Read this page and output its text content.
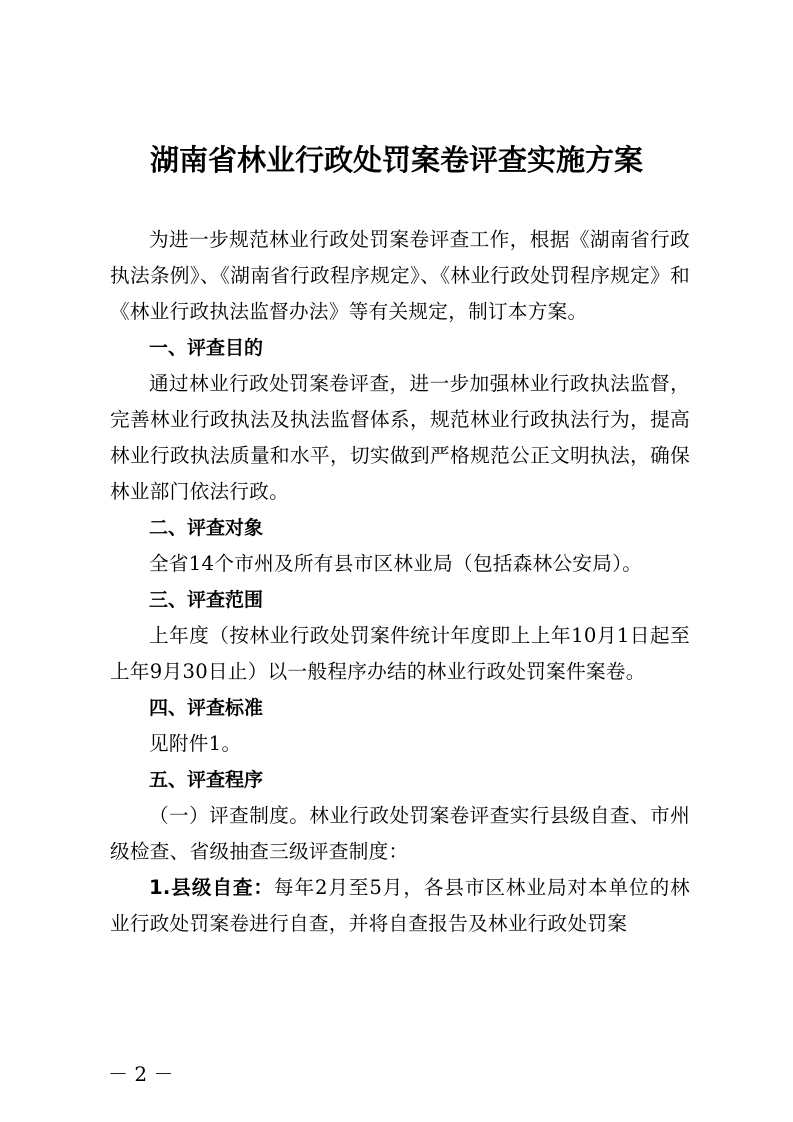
湖南省林业行政处罚案卷评查实施方案

为进一步规范林业行政处罚案卷评查工作，根据《湖南省行政执法条例》、《湖南省行政程序规定》、《林业行政处罚程序规定》和《林业行政执法监督办法》等有关规定，制订本方案。

一、评查目的

通过林业行政处罚案卷评查，进一步加强林业行政执法监督，完善林业行政执法及执法监督体系，规范林业行政执法行为，提高林业行政执法质量和水平，切实做到严格规范公正文明执法，确保林业部门依法行政。

二、评查对象

全省14个市州及所有县市区林业局（包括森林公安局）。

三、评查范围

上年度（按林业行政处罚案件统计年度即上上年10月1日起至上年9月30日止）以一般程序办结的林业行政处罚案件案卷。

四、评查标准

见附件1。

五、评查程序

（一）评查制度。林业行政处罚案卷评查实行县级自查、市州级检查、省级抽查三级评查制度：

1.县级自查：每年2月至5月，各县市区林业局对本单位的林业行政处罚案卷进行自查，并将自查报告及林业行政处罚案

－ 2 －
